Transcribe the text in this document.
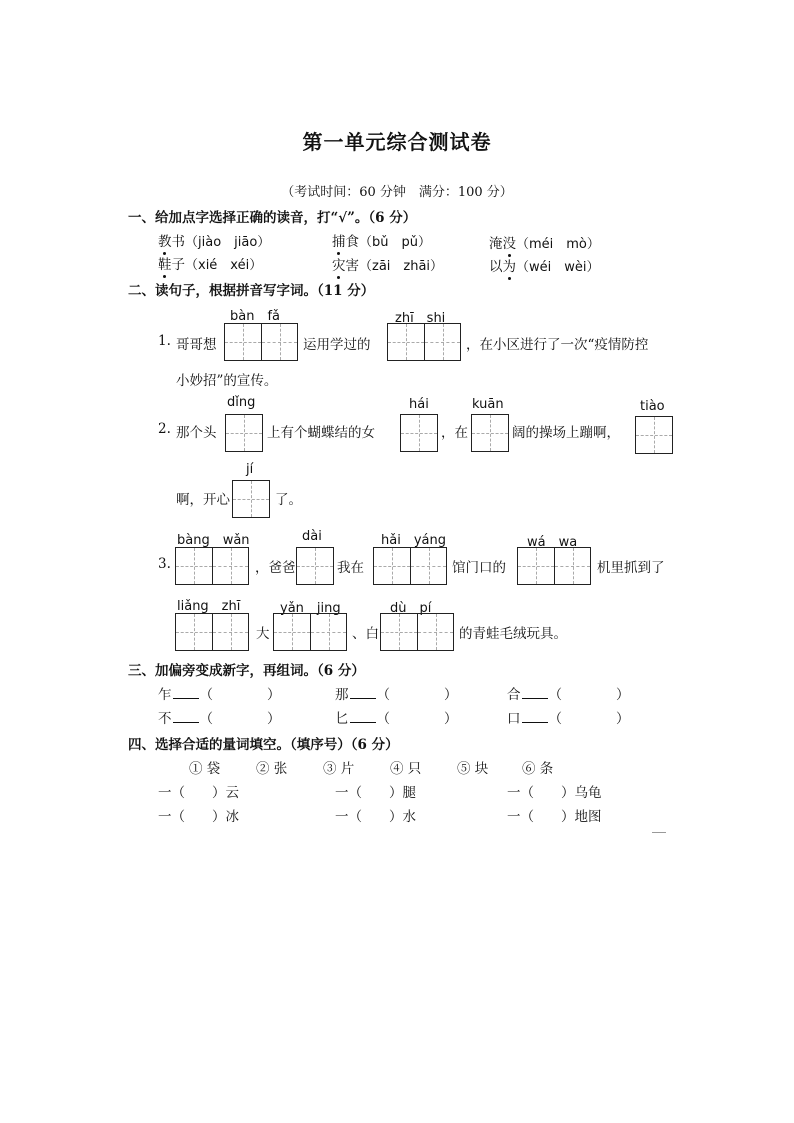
第一单元综合测试卷
（考试时间：60 分钟　满分：100 分）
一、给加点字选择正确的读音，打“√”。（6 分）
教书（jiào　jiāo）	捕食（bǔ　pǔ）	淹没（méi　mò）
鞋子（xié　xéi）	灾害（zāi　zhāi）	以为（wéi　wèi）
二、读句子，根据拼音写字词。（11 分）
1. 哥哥想
bàn　fǎ
运用学过的
zhī　shi
，在小区进行了一次“疫情防控
小妙招”的宣传。
2. 那个头
dǐng
上有个蝴蝶结的女
hái
，在
kuān
阔的操场上蹦啊，
tiào
啊，开心
jí
了。
3.
bàng　wǎn
，爸爸
dài
我在
hǎi　yáng
馆门口的
wá　wa
机里抓到了
liǎng　zhī
大
yǎn　jing
、白
dù　pí
的青蛙毛绒玩具。
三、加偏旁变成新字，再组词。（6 分）
乍 （　　　　）	那 （　　　　）	合 （　　　　）
不 （　　　　）	匕 （　　　　）	口 （　　　　）
四、选择合适的量词填空。（填序号）（6 分）
① 袋	② 张	③ 片	④ 只	⑤ 块 ⑥ 条
一（　　）云	一（　　）腿	一（　　）乌龟
一（　　）冰	一（　　）水	一（　　）地图
